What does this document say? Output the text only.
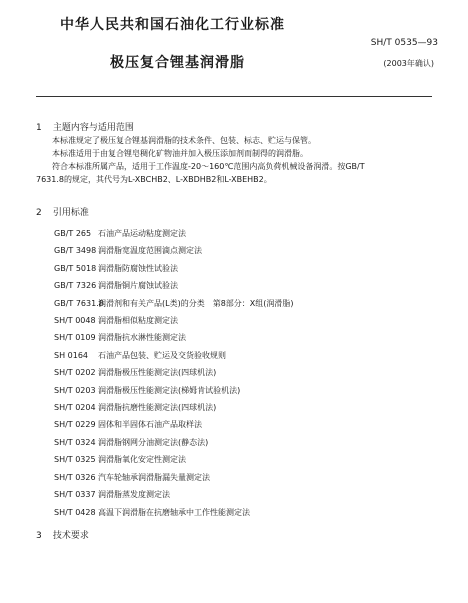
中华人民共和国石油化工行业标准
SH/T 0535—93
极压复合锂基润滑脂	(2003年确认)
1 主题内容与适用范围

本标准规定了极压复合锂基润滑脂的技术条件、包装、标志、贮运与保管。

本标准适用于由复合锂皂稠化矿物油并加入极压添加剂而制得的润滑脂。

符合本标准所属产品，适用于工作温度-20～160℃范围内高负荷机械设备润滑。按GB/T

7631.8的规定，其代号为L-XBCHB2、L-XBDHB2和L-XBEHB2。

2 引用标准
GB/T 265 石油产品运动粘度测定法
GB/T 3498 润滑脂宽温度范围滴点测定法
GB/T 5018 润滑脂防腐蚀性试验法
GB/T 7326 润滑脂铜片腐蚀试验法
GB/T 7631.8润滑剂和有关产品(L类)的分类　第8部分：X组(润滑脂)
SH/T 0048 润滑脂相似粘度测定法
SH/T 0109 润滑脂抗水淋性能测定法
SH 0164 石油产品包装、贮运及交货验收规则
SH/T 0202 润滑脂极压性能测定法(四球机法)
SH/T 0203 润滑脂极压性能测定法(梯姆肯试验机法)
SH/T 0204 润滑脂抗磨性能测定法(四球机法)
SH/T 0229 固体和半固体石油产品取样法
SH/T 0324 润滑脂钢网分油测定法(静态法)
SH/T 0325 润滑脂氧化安定性测定法
SH/T 0326 汽车轮轴承润滑脂漏失量测定法
SH/T 0337 润滑脂蒸发度测定法
SH/T 0428 高温下润滑脂在抗磨轴承中工作性能测定法
3 技术要求
